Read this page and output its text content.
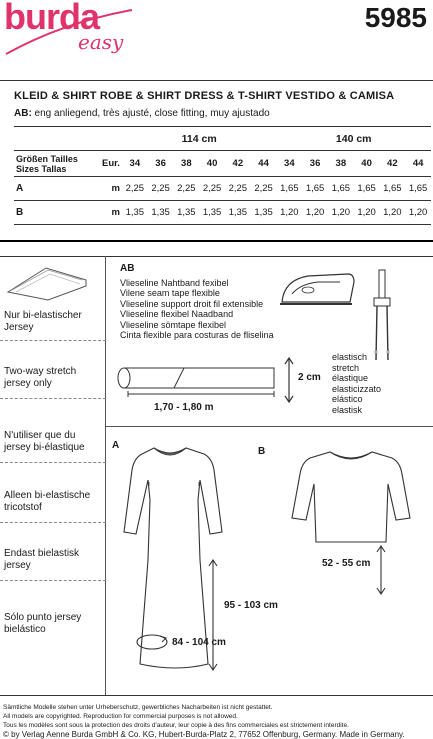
burda
easy
5985
KLEID & SHIRT ROBE & SHIRT DRESS & T-SHIRT VESTIDO & CAMISA
AB: eng anliegend, très ajusté, close fitting, muy ajustado
		114 cm						140 cm					

Größen Tailles
Sizes Tallas	Eur.	34	36	38	40	42	44	34	36	38	40	42	44
A	m	2,25	2,25	2,25	2,25	2,25	2,25	1,65	1,65	1,65	1,65	1,65	1,65
B	m	1,35	1,35	1,35	1,35	1,35	1,35	1,20	1,20	1,20	1,20	1,20	1,20
Nur bi-elastischer Jersey
Two-way stretch jersey only
N'utiliser que du jersey bi-élastique
Alleen bi-elastische tricotstof
Endast bielastisk jersey
Sólo punto jersey bielástico
AB
Vlieseline Nahtband fexibel
Vilene seam tape flexible
Vlieseline support droit fil extensible
Vlieseline flexibel Naadband
Vlieseline sömtape flexibel
Cinta flexible para costuras de fliselina
1,70 - 1,80 m
2 cm
elastisch
stretch
élastique
elasticizzato
elástico
elastisk
A
95 - 103 cm
84 - 104 cm
B
52 - 55 cm
Sämtliche Modelle stehen unter Urheberschutz, gewerbliches Nacharbeiten ist nicht gestattet.
All models are copyrighted. Reproduction for commercial purposes is not allowed.
Tous les modèles sont sous la protection des droits d'auteur, leur copie à des fins commerciales est strictement interdite.
© by Verlag Aenne Burda GmbH & Co. KG, Hubert-Burda-Platz 2, 77652 Offenburg, Germany. Made in Germany.
